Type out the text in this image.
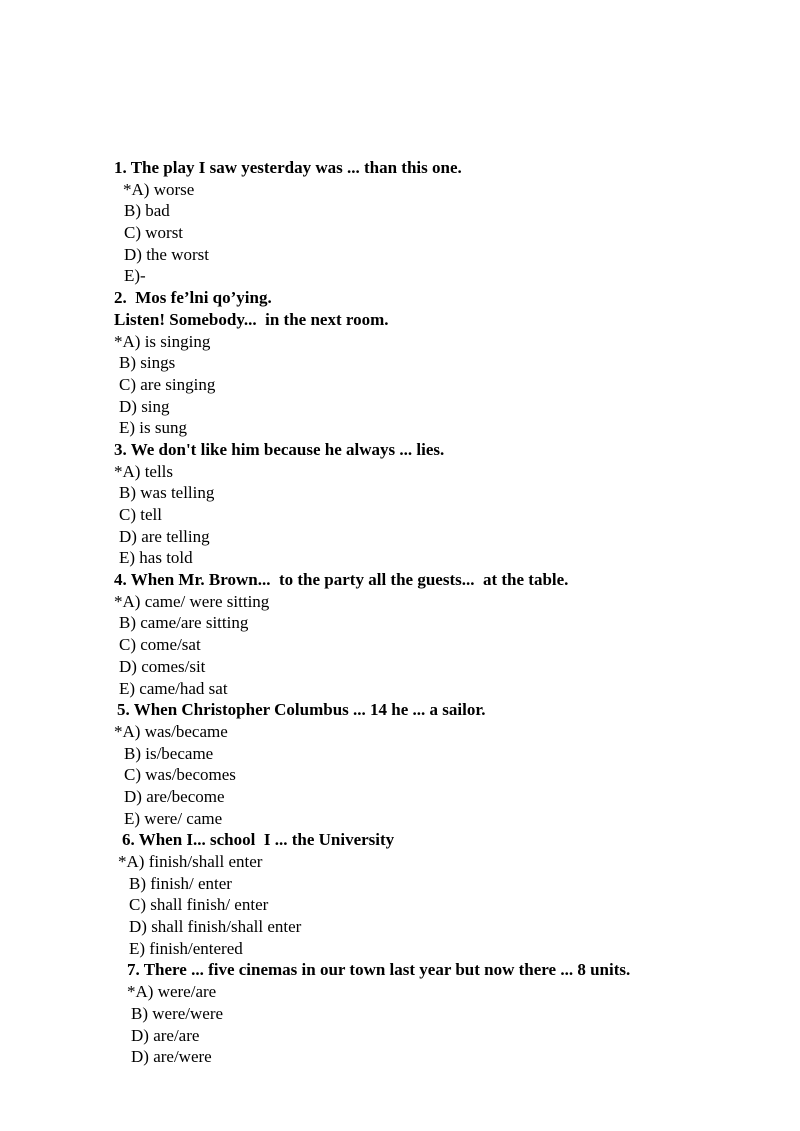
1. The play I saw yesterday was ... than this one.
*A) worse
B) bad
C) worst
D) the worst
E)-
2.  Mos fe’lni qo’ying.
Listen! Somebody...  in the next room.
*A) is singing
B) sings
C) are singing
D) sing
E) is sung
3. We don't like him because he always ... lies.
*A) tells
B) was telling
C) tell
D) are telling
E) has told
4. When Mr. Brown...  to the party all the guests...  at the table.
*A) came/ were sitting
B) came/are sitting
C) come/sat
D) comes/sit
E) came/had sat
5. When Christopher Columbus ... 14 he ... a sailor.
*A) was/became
B) is/became
C) was/becomes
D) are/become
E) were/ came
6. When I... school  I ... the University
*A) finish/shall enter
B) finish/ enter
C) shall finish/ enter
D) shall finish/shall enter
E) finish/entered
7. There ... five cinemas in our town last year but now there ... 8 units.
*A) were/are
B) were/were
D) are/are
D) are/were
